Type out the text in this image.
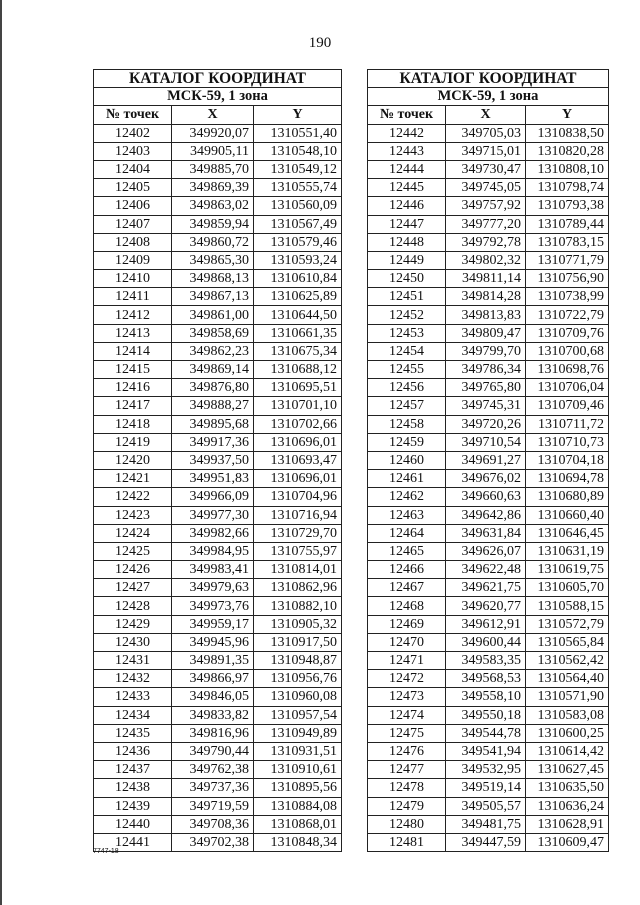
190
КАТАЛОГ КООРДИНАТ		
МСК-59, 1 зона		
№ точек	X	Y
12402	349920,07	1310551,40
12403	349905,11	1310548,10
12404	349885,70	1310549,12
12405	349869,39	1310555,74
12406	349863,02	1310560,09
12407	349859,94	1310567,49
12408	349860,72	1310579,46
12409	349865,30	1310593,24
12410	349868,13	1310610,84
12411	349867,13	1310625,89
12412	349861,00	1310644,50
12413	349858,69	1310661,35
12414	349862,23	1310675,34
12415	349869,14	1310688,12
12416	349876,80	1310695,51
12417	349888,27	1310701,10
12418	349895,68	1310702,66
12419	349917,36	1310696,01
12420	349937,50	1310693,47
12421	349951,83	1310696,01
12422	349966,09	1310704,96
12423	349977,30	1310716,94
12424	349982,66	1310729,70
12425	349984,95	1310755,97
12426	349983,41	1310814,01
12427	349979,63	1310862,96
12428	349973,76	1310882,10
12429	349959,17	1310905,32
12430	349945,96	1310917,50
12431	349891,35	1310948,87
12432	349866,97	1310956,76
12433	349846,05	1310960,08
12434	349833,82	1310957,54
12435	349816,96	1310949,89
12436	349790,44	1310931,51
12437	349762,38	1310910,61
12438	349737,36	1310895,56
12439	349719,59	1310884,08
12440	349708,36	1310868,01
12441	349702,38	1310848,34
КАТАЛОГ КООРДИНАТ		
МСК-59, 1 зона		
№ точек	X	Y
12442	349705,03	1310838,50
12443	349715,01	1310820,28
12444	349730,47	1310808,10
12445	349745,05	1310798,74
12446	349757,92	1310793,38
12447	349777,20	1310789,44
12448	349792,78	1310783,15
12449	349802,32	1310771,79
12450	349811,14	1310756,90
12451	349814,28	1310738,99
12452	349813,83	1310722,79
12453	349809,47	1310709,76
12454	349799,70	1310700,68
12455	349786,34	1310698,76
12456	349765,80	1310706,04
12457	349745,31	1310709,46
12458	349720,26	1310711,72
12459	349710,54	1310710,73
12460	349691,27	1310704,18
12461	349676,02	1310694,78
12462	349660,63	1310680,89
12463	349642,86	1310660,40
12464	349631,84	1310646,45
12465	349626,07	1310631,19
12466	349622,48	1310619,75
12467	349621,75	1310605,70
12468	349620,77	1310588,15
12469	349612,91	1310572,79
12470	349600,44	1310565,84
12471	349583,35	1310562,42
12472	349568,53	1310564,40
12473	349558,10	1310571,90
12474	349550,18	1310583,08
12475	349544,78	1310600,25
12476	349541,94	1310614,42
12477	349532,95	1310627,45
12478	349519,14	1310635,50
12479	349505,57	1310636,24
12480	349481,75	1310628,91
12481	349447,59	1310609,47
7747-18
